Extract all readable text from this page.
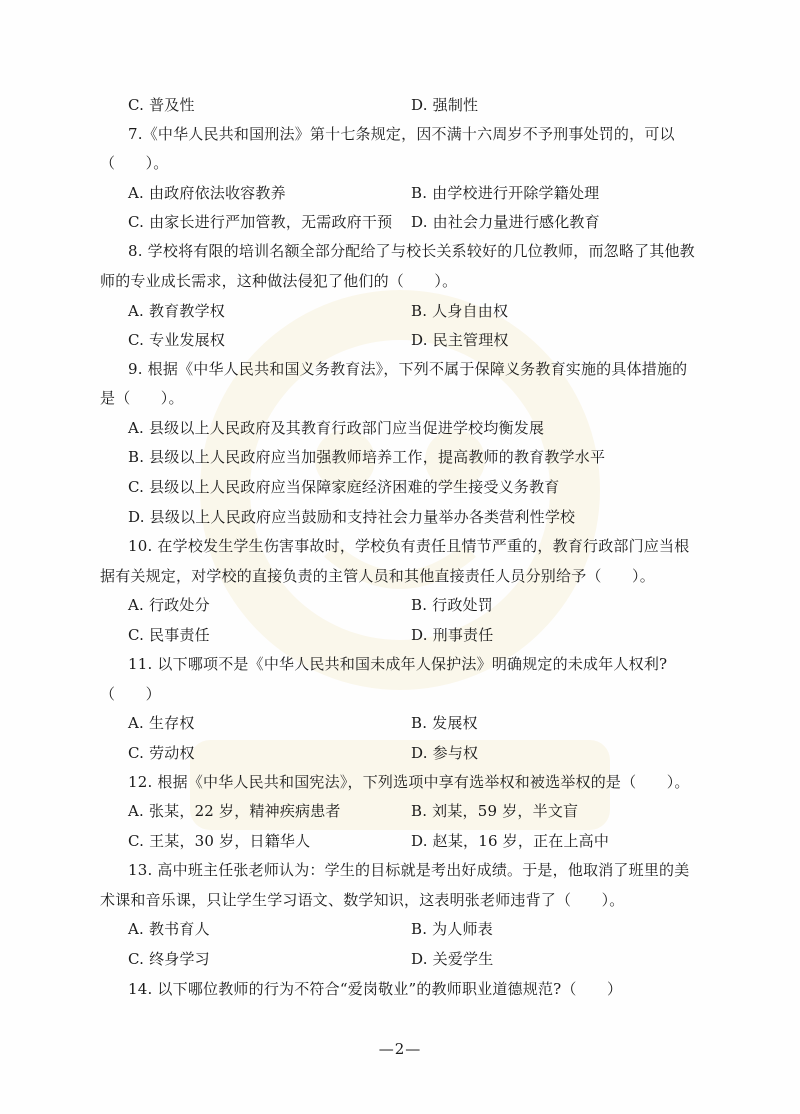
C. 普及性	D. 强制性
7.《中华人民共和国刑法》第十七条规定，因不满十六周岁不予刑事处罚的，可以
（　　）。
A. 由政府依法收容教养	B. 由学校进行开除学籍处理
C. 由家长进行严加管教，无需政府干预 D. 由社会力量进行感化教育
8. 学校将有限的培训名额全部分配给了与校长关系较好的几位教师，而忽略了其他教
师的专业成长需求，这种做法侵犯了他们的（　　）。
A. 教育教学权	B. 人身自由权
C. 专业发展权	D. 民主管理权
9. 根据《中华人民共和国义务教育法》，下列不属于保障义务教育实施的具体措施的
是（　　）。
A. 县级以上人民政府及其教育行政部门应当促进学校均衡发展
B. 县级以上人民政府应当加强教师培养工作，提高教师的教育教学水平
C. 县级以上人民政府应当保障家庭经济困难的学生接受义务教育
D. 县级以上人民政府应当鼓励和支持社会力量举办各类营利性学校
10. 在学校发生学生伤害事故时，学校负有责任且情节严重的，教育行政部门应当根
据有关规定，对学校的直接负责的主管人员和其他直接责任人员分别给予（　　）。
A. 行政处分	B. 行政处罚
C. 民事责任	D. 刑事责任
11. 以下哪项不是《中华人民共和国未成年人保护法》明确规定的未成年人权利?
（　　）
A. 生存权	B. 发展权
C. 劳动权	D. 参与权
12. 根据《中华人民共和国宪法》，下列选项中享有选举权和被选举权的是（　　）。
A. 张某，22 岁，精神疾病患者	B. 刘某，59 岁，半文盲
C. 王某，30 岁，日籍华人	D. 赵某，16 岁，正在上高中
13. 高中班主任张老师认为：学生的目标就是考出好成绩。于是，他取消了班里的美
术课和音乐课，只让学生学习语文、数学知识，这表明张老师违背了（　　）。
A. 教书育人	B. 为人师表
C. 终身学习	D. 关爱学生
14. 以下哪位教师的行为不符合“爱岗敬业”的教师职业道德规范?（　　）
—2—
